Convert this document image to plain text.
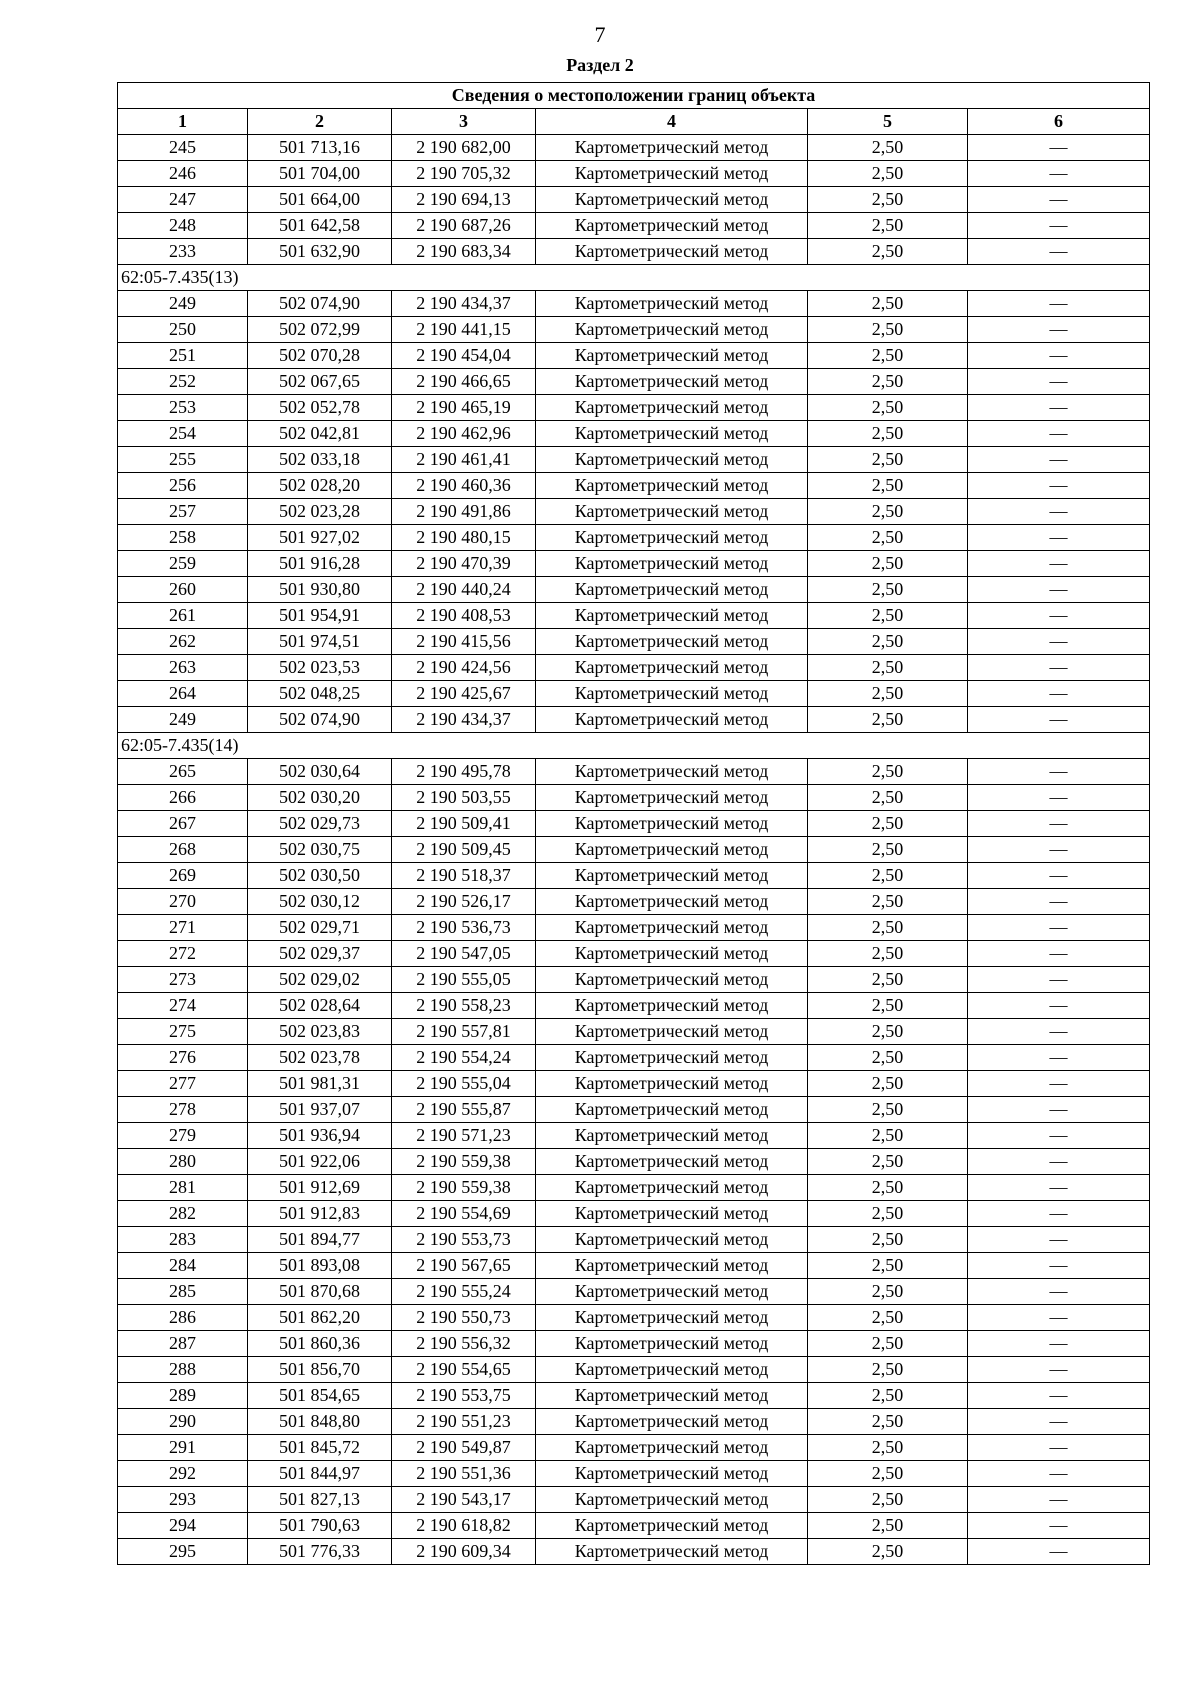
7
Раздел 2
Сведения о местоположении границ объекта					
1	2	3	4	5	6
245	501 713,16	2 190 682,00	Картометрический метод	2,50	—
246	501 704,00	2 190 705,32	Картометрический метод	2,50	—
247	501 664,00	2 190 694,13	Картометрический метод	2,50	—
248	501 642,58	2 190 687,26	Картометрический метод	2,50	—
233	501 632,90	2 190 683,34	Картометрический метод	2,50	—
62:05-7.435(13)					
249	502 074,90	2 190 434,37	Картометрический метод	2,50	—
250	502 072,99	2 190 441,15	Картометрический метод	2,50	—
251	502 070,28	2 190 454,04	Картометрический метод	2,50	—
252	502 067,65	2 190 466,65	Картометрический метод	2,50	—
253	502 052,78	2 190 465,19	Картометрический метод	2,50	—
254	502 042,81	2 190 462,96	Картометрический метод	2,50	—
255	502 033,18	2 190 461,41	Картометрический метод	2,50	—
256	502 028,20	2 190 460,36	Картометрический метод	2,50	—
257	502 023,28	2 190 491,86	Картометрический метод	2,50	—
258	501 927,02	2 190 480,15	Картометрический метод	2,50	—
259	501 916,28	2 190 470,39	Картометрический метод	2,50	—
260	501 930,80	2 190 440,24	Картометрический метод	2,50	—
261	501 954,91	2 190 408,53	Картометрический метод	2,50	—
262	501 974,51	2 190 415,56	Картометрический метод	2,50	—
263	502 023,53	2 190 424,56	Картометрический метод	2,50	—
264	502 048,25	2 190 425,67	Картометрический метод	2,50	—
249	502 074,90	2 190 434,37	Картометрический метод	2,50	—
62:05-7.435(14)					
265	502 030,64	2 190 495,78	Картометрический метод	2,50	—
266	502 030,20	2 190 503,55	Картометрический метод	2,50	—
267	502 029,73	2 190 509,41	Картометрический метод	2,50	—
268	502 030,75	2 190 509,45	Картометрический метод	2,50	—
269	502 030,50	2 190 518,37	Картометрический метод	2,50	—
270	502 030,12	2 190 526,17	Картометрический метод	2,50	—
271	502 029,71	2 190 536,73	Картометрический метод	2,50	—
272	502 029,37	2 190 547,05	Картометрический метод	2,50	—
273	502 029,02	2 190 555,05	Картометрический метод	2,50	—
274	502 028,64	2 190 558,23	Картометрический метод	2,50	—
275	502 023,83	2 190 557,81	Картометрический метод	2,50	—
276	502 023,78	2 190 554,24	Картометрический метод	2,50	—
277	501 981,31	2 190 555,04	Картометрический метод	2,50	—
278	501 937,07	2 190 555,87	Картометрический метод	2,50	—
279	501 936,94	2 190 571,23	Картометрический метод	2,50	—
280	501 922,06	2 190 559,38	Картометрический метод	2,50	—
281	501 912,69	2 190 559,38	Картометрический метод	2,50	—
282	501 912,83	2 190 554,69	Картометрический метод	2,50	—
283	501 894,77	2 190 553,73	Картометрический метод	2,50	—
284	501 893,08	2 190 567,65	Картометрический метод	2,50	—
285	501 870,68	2 190 555,24	Картометрический метод	2,50	—
286	501 862,20	2 190 550,73	Картометрический метод	2,50	—
287	501 860,36	2 190 556,32	Картометрический метод	2,50	—
288	501 856,70	2 190 554,65	Картометрический метод	2,50	—
289	501 854,65	2 190 553,75	Картометрический метод	2,50	—
290	501 848,80	2 190 551,23	Картометрический метод	2,50	—
291	501 845,72	2 190 549,87	Картометрический метод	2,50	—
292	501 844,97	2 190 551,36	Картометрический метод	2,50	—
293	501 827,13	2 190 543,17	Картометрический метод	2,50	—
294	501 790,63	2 190 618,82	Картометрический метод	2,50	—
295	501 776,33	2 190 609,34	Картометрический метод	2,50	—
